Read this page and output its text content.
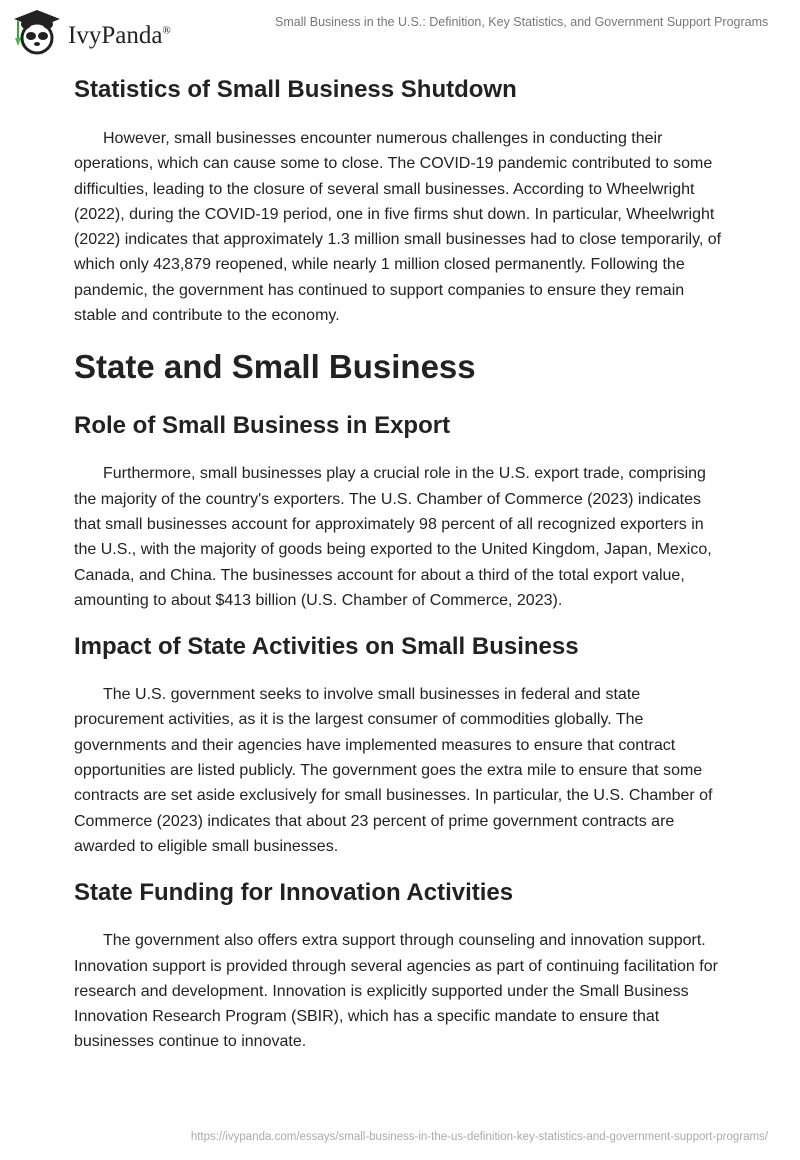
IvyPanda®
Small Business in the U.S.: Definition, Key Statistics, and Government Support Programs
Statistics of Small Business Shutdown

However, small businesses encounter numerous challenges in conducting their operations, which can cause some to close. The COVID-19 pandemic contributed to some difficulties, leading to the closure of several small businesses. According to Wheelwright (2022), during the COVID-19 period, one in five firms shut down. In particular, Wheelwright (2022) indicates that approximately 1.3 million small businesses had to close temporarily, of which only 423,879 reopened, while nearly 1 million closed permanently. Following the pandemic, the government has continued to support companies to ensure they remain stable and contribute to the economy.

State and Small Business
Role of Small Business in Export

Furthermore, small businesses play a crucial role in the U.S. export trade, comprising the majority of the country's exporters. The U.S. Chamber of Commerce (2023) indicates that small businesses account for approximately 98 percent of all recognized exporters in the U.S., with the majority of goods being exported to the United Kingdom, Japan, Mexico, Canada, and China. The businesses account for about a third of the total export value, amounting to about $413 billion (U.S. Chamber of Commerce, 2023).

Impact of State Activities on Small Business

The U.S. government seeks to involve small businesses in federal and state procurement activities, as it is the largest consumer of commodities globally. The governments and their agencies have implemented measures to ensure that contract opportunities are listed publicly. The government goes the extra mile to ensure that some contracts are set aside exclusively for small businesses. In particular, the U.S. Chamber of Commerce (2023) indicates that about 23 percent of prime government contracts are awarded to eligible small businesses.

State Funding for Innovation Activities

The government also offers extra support through counseling and innovation support. Innovation support is provided through several agencies as part of continuing facilitation for research and development. Innovation is explicitly supported under the Small Business Innovation Research Program (SBIR), which has a specific mandate to ensure that businesses continue to innovate.

https://ivypanda.com/essays/small-business-in-the-us-definition-key-statistics-and-government-support-programs/
